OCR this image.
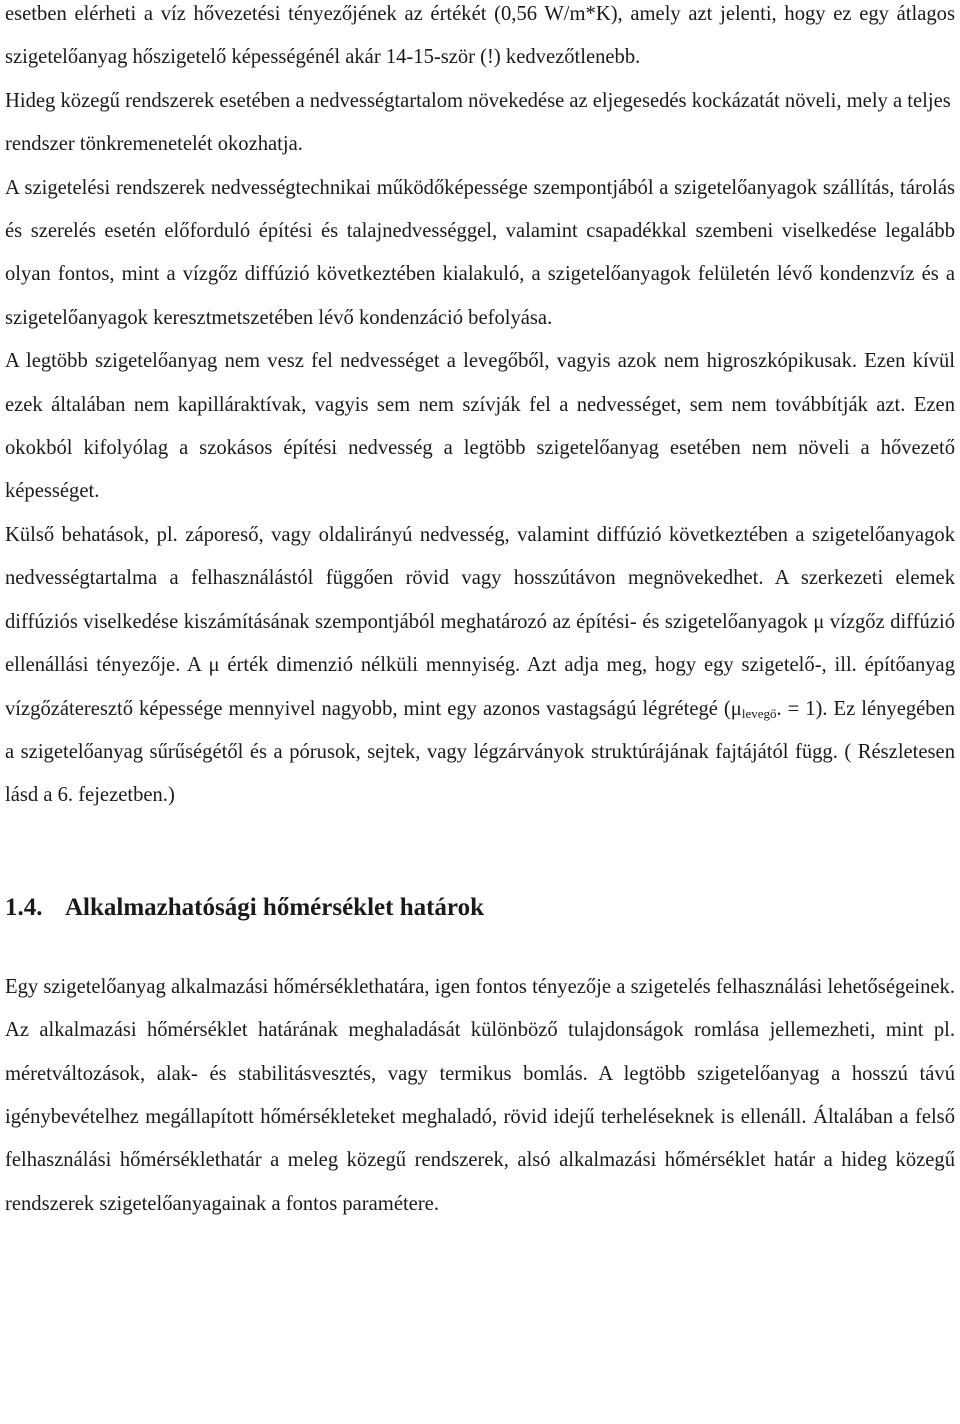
esetben elérheti a víz hővezetési tényezőjének az értékét (0,56 W/m*K), amely azt jelenti, hogy ez egy átlagos szigetelőanyag hőszigetelő képességénél akár 14-15-ször (!) kedvezőtlenebb.

Hideg közegű rendszerek esetében a nedvességtartalom növekedése az eljegesedés kockázatát növeli, mely a teljes rendszer tönkremenetelét okozhatja.

A szigetelési rendszerek nedvességtechnikai működőképessége szempontjából a szigetelőanyagok szállítás, tárolás és szerelés esetén előforduló építési és talajnedvességgel, valamint csapadékkal szembeni viselkedése legalább olyan fontos, mint a vízgőz diffúzió következtében kialakuló, a szigetelőanyagok felületén lévő kondenzvíz és a szigetelőanyagok keresztmetszetében lévő kondenzáció befolyása.

A legtöbb szigetelőanyag nem vesz fel nedvességet a levegőből, vagyis azok nem higroszkópikusak. Ezen kívül ezek általában nem kapilláraktívak, vagyis sem nem szívják fel a nedvességet, sem nem továbbítják azt. Ezen okokból kifolyólag a szokásos építési nedvesség a legtöbb szigetelőanyag esetében nem növeli a hővezető képességet.

Külső behatások, pl. záporeső, vagy oldalirányú nedvesség, valamint diffúzió következtében a szigetelőanyagok nedvességtartalma a felhasználástól függően rövid vagy hosszútávon megnövekedhet. A szerkezeti elemek diffúziós viselkedése kiszámításának szempontjából meghatározó az építési- és szigetelőanyagok μ vízgőz diffúzió ellenállási tényezője. A μ érték dimenzió nélküli mennyiség. Azt adja meg, hogy egy szigetelő-, ill. építőanyag vízgőzáteresztő képessége mennyivel nagyobb, mint egy azonos vastagságú légrétegé ($\mu_{levegő}$. = 1). Ez lényegében a szigetelőanyag sűrűségétől és a pórusok, sejtek, vagy légzárványok struktúrájának fajtájától függ. ( Részletesen lásd a 6. fejezetben.)

1.4. Alkalmazhatósági hőmérséklet határok

Egy szigetelőanyag alkalmazási hőmérséklethatára, igen fontos tényezője a szigetelés felhasználási lehetőségeinek. Az alkalmazási hőmérséklet határának meghaladását különböző tulajdonságok romlása jellemezheti, mint pl. méretváltozások, alak- és stabilitásvesztés, vagy termikus bomlás. A legtöbb szigetelőanyag a hosszú távú igénybevételhez megállapított hőmérsékleteket meghaladó, rövid idejű terheléseknek is ellenáll. Általában a felső felhasználási hőmérséklethatár a meleg közegű rendszerek, alsó alkalmazási hőmérséklet határ a hideg közegű rendszerek szigetelőanyagainak a fontos paramétere.
